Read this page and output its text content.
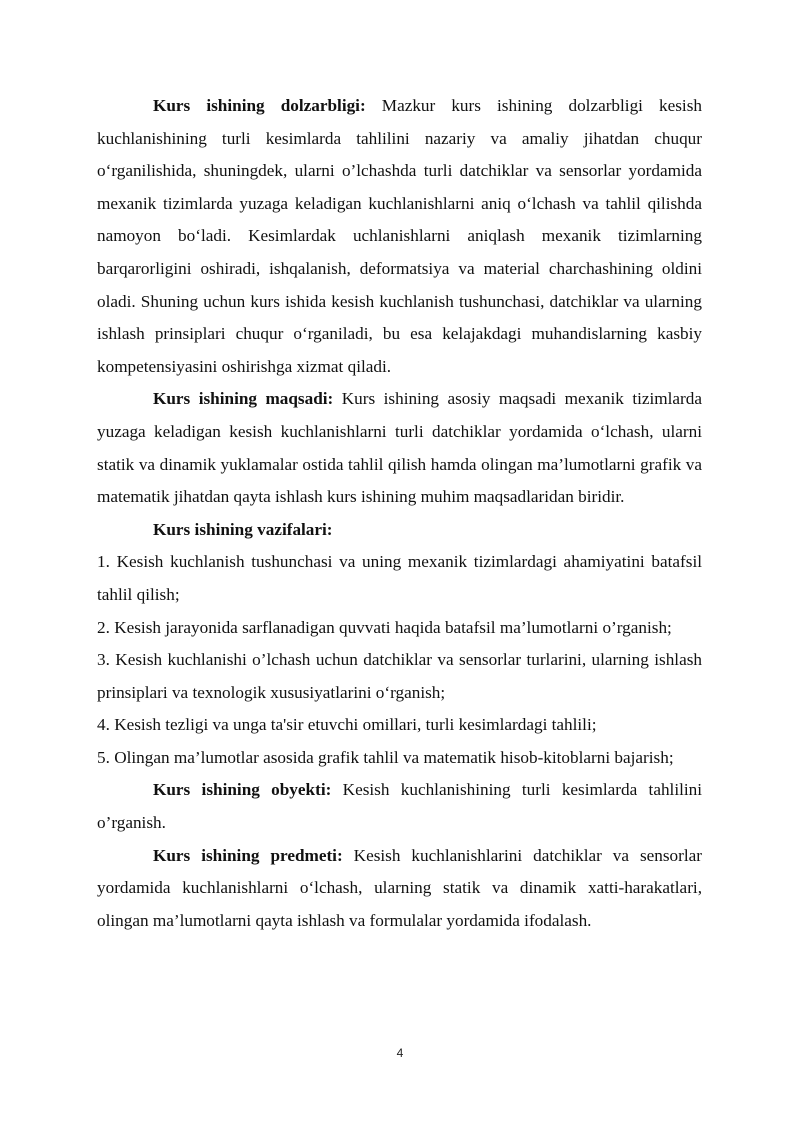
Kurs ishining dolzarbligi: Mazkur kurs ishining dolzarbligi kesish kuchlanishining turli kesimlarda tahlilini nazariy va amaliy jihatdan chuqur o‘rganilishida, shuningdek, ularni o’lchashda turli datchiklar va sensorlar yordamida mexanik tizimlarda yuzaga keladigan kuchlanishlarni aniq o‘lchash va tahlil qilishda namoyon bo‘ladi. Kesimlardak uchlanishlarni aniqlash mexanik tizimlarning barqarorligini oshiradi, ishqalanish, deformatsiya va material charchashining oldini oladi. Shuning uchun kurs ishida kesish kuchlanish tushunchasi, datchiklar va ularning ishlash prinsiplari chuqur o‘rganiladi, bu esa kelajakdagi muhandislarning kasbiy kompetensiyasini oshirishga xizmat qiladi.

Kurs ishining maqsadi: Kurs ishining asosiy maqsadi mexanik tizimlarda yuzaga keladigan kesish kuchlanishlarni turli datchiklar yordamida o‘lchash, ularni statik va dinamik yuklamalar ostida tahlil qilish hamda olingan ma’lumotlarni grafik va matematik jihatdan qayta ishlash kurs ishining muhim maqsadlaridan biridir.

Kurs ishining vazifalari:

1. Kesish kuchlanish tushunchasi va uning mexanik tizimlardagi ahamiyatini batafsil tahlil qilish;

2. Kesish jarayonida sarflanadigan quvvati haqida batafsil ma’lumotlarni o’rganish;

3. Kesish kuchlanishi o’lchash uchun datchiklar va sensorlar turlarini, ularning ishlash prinsiplari va texnologik xususiyatlarini o‘rganish;

4. Kesish tezligi va unga ta'sir etuvchi omillari, turli kesimlardagi tahlili;

5. Olingan ma’lumotlar asosida grafik tahlil va matematik hisob-kitoblarni bajarish;

Kurs ishining obyekti: Kesish kuchlanishining turli kesimlarda tahlilini o’rganish.

Kurs ishining predmeti: Kesish kuchlanishlarini datchiklar va sensorlar yordamida kuchlanishlarni o‘lchash, ularning statik va dinamik xatti-harakatlari, olingan ma’lumotlarni qayta ishlash va formulalar yordamida ifodalash.

4
